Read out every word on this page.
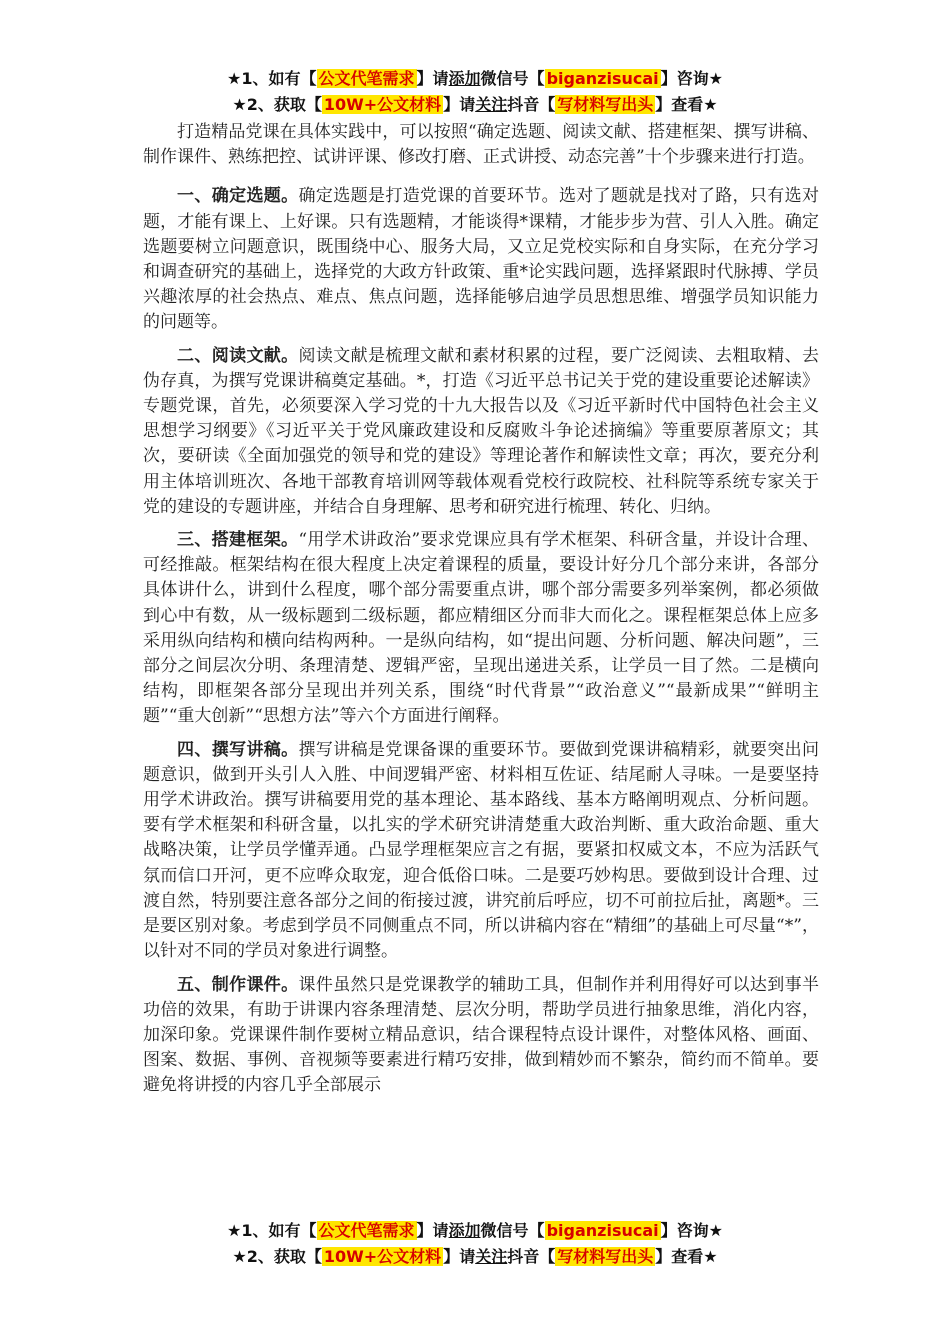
★1、如有【 公文代笔需求 】请添加微信号【 biganzisucai 】咨询★
★2、获取【 10W+公文材料 】请关注抖音【 写材料写出头 】查看★

打造精品党课在具体实践中，可以按照“确定选题、阅读文献、搭建框架、撰写讲稿、制作课件、熟练把控、试讲评课、修改打磨、正式讲授、动态完善”十个步骤来进行打造。

一、确定选题。确定选题是打造党课的首要环节。选对了题就是找对了路，只有选对题，才能有课上、上好课。只有选题精，才能谈得*课精，才能步步为营、引人入胜。确定选题要树立问题意识，既围绕中心、服务大局，又立足党校实际和自身实际，在充分学习和调查研究的基础上，选择党的大政方针政策、重*论实践问题，选择紧跟时代脉搏、学员兴趣浓厚的社会热点、难点、焦点问题，选择能够启迪学员思想思维、增强学员知识能力的问题等。

二、阅读文献。阅读文献是梳理文献和素材积累的过程，要广泛阅读、去粗取精、去伪存真，为撰写党课讲稿奠定基础。*，打造《习近平总书记关于党的建设重要论述解读》专题党课，首先，必须要深入学习党的十九大报告以及《习近平新时代中国特色社会主义思想学习纲要》《习近平关于党风廉政建设和反腐败斗争论述摘编》等重要原著原文；其次，要研读《全面加强党的领导和党的建设》等理论著作和解读性文章；再次，要充分利用主体培训班次、各地干部教育培训网等载体观看党校行政院校、社科院等系统专家关于党的建设的专题讲座，并结合自身理解、思考和研究进行梳理、转化、归纳。

三、搭建框架。“用学术讲政治”要求党课应具有学术框架、科研含量，并设计合理、可经推敲。框架结构在很大程度上决定着课程的质量，要设计好分几个部分来讲，各部分具体讲什么，讲到什么程度，哪个部分需要重点讲，哪个部分需要多列举案例，都必须做到心中有数，从一级标题到二级标题，都应精细区分而非大而化之。课程框架总体上应多采用纵向结构和横向结构两种。一是纵向结构，如“提出问题、分析问题、解决问题”，三部分之间层次分明、条理清楚、逻辑严密，呈现出递进关系，让学员一目了然。二是横向结构，即框架各部分呈现出并列关系，围绕“时代背景”“政治意义”“最新成果”“鲜明主题”“重大创新”“思想方法”等六个方面进行阐释。

四、撰写讲稿。撰写讲稿是党课备课的重要环节。要做到党课讲稿精彩，就要突出问题意识，做到开头引人入胜、中间逻辑严密、材料相互佐证、结尾耐人寻味。一是要坚持用学术讲政治。撰写讲稿要用党的基本理论、基本路线、基本方略阐明观点、分析问题。要有学术框架和科研含量，以扎实的学术研究讲清楚重大政治判断、重大政治命题、重大战略决策，让学员学懂弄通。凸显学理框架应言之有据，要紧扣权威文本，不应为活跃气氛而信口开河，更不应哗众取宠，迎合低俗口味。二是要巧妙构思。要做到设计合理、过渡自然，特别要注意各部分之间的衔接过渡，讲究前后呼应，切不可前拉后扯，离题*。三是要区别对象。考虑到学员不同侧重点不同，所以讲稿内容在“精细”的基础上可尽量“*”，以针对不同的学员对象进行调整。

五、制作课件。课件虽然只是党课教学的辅助工具，但制作并利用得好可以达到事半功倍的效果，有助于讲课内容条理清楚、层次分明，帮助学员进行抽象思维，消化内容，加深印象。党课课件制作要树立精品意识，结合课程特点设计课件，对整体风格、画面、图案、数据、事例、音视频等要素进行精巧安排，做到精妙而不繁杂，简约而不简单。要避免将讲授的内容几乎全部展示

★1、如有【 公文代笔需求 】请添加微信号【 biganzisucai 】咨询★
★2、获取【 10W+公文材料 】请关注抖音【 写材料写出头 】查看★
